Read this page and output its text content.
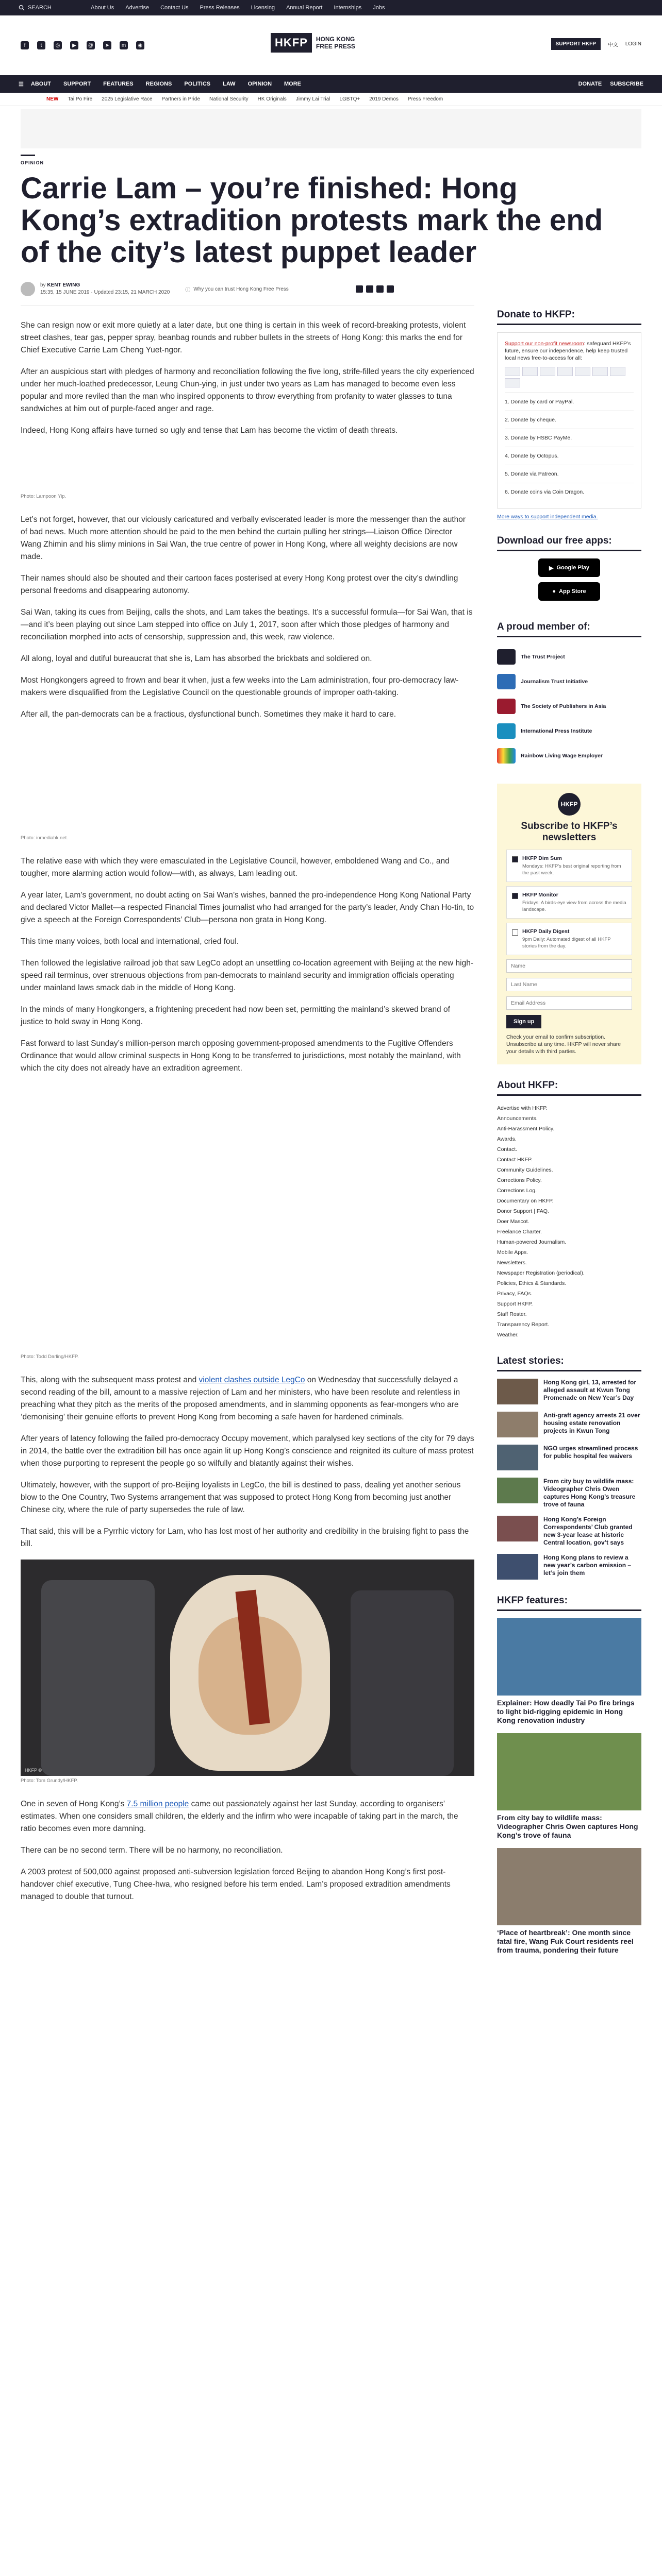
SEARCH	About Us Advertise Contact Us Press Releases Licensing Annual Report Internships Jobs
f	t	◎	▶	@	➤	m	◉	HKFP	HONG KONG
FREE PRESS	SUPPORT HKFP	中文 LOGIN
☰ ABOUT SUPPORT FEATURES REGIONS POLITICS LAW OPINION MORE	DONATE SUBSCRIBE
NEW Tai Po Fire 2025 Legislative Race Partners in Pride National Security HK Originals Jimmy Lai Trial LGBTQ+ 2019 Demos Press Freedom
OPINION
Carrie Lam – you’re finished: Hong Kong’s extradition protests mark the end of the city’s latest puppet leader
by KENT EWING
15:35, 15 JUNE 2019 · Updated 23:15, 21 MARCH 2020	ⓘ Why you can trust Hong Kong Free Press

She can resign now or exit more quietly at a later date, but one thing is certain in this week of record-breaking protests, violent street clashes, tear gas, pepper spray, beanbag rounds and rubber bullets in the streets of Hong Kong: this marks the end for Chief Executive Carrie Lam Cheng Yuet-ngor.

After an auspicious start with pledges of harmony and reconciliation following the five long, strife-filled years the city experienced under her much-loathed predecessor, Leung Chun-ying, in just under two years as Lam has managed to become even less popular and more reviled than the man who inspired opponents to throw everything from profanity to water glasses to tuna sandwiches at him out of purple-faced anger and rage.

Indeed, Hong Kong affairs have turned so ugly and tense that Lam has become the victim of death threats.

Photo: Lampoon Yip.

Let’s not forget, however, that our viciously caricatured and verbally eviscerated leader is more the messenger than the author of bad news. Much more attention should be paid to the men behind the curtain pulling her strings—Liaison Office Director Wang Zhimin and his slimy minions in Sai Wan, the true centre of power in Hong Kong, where all weighty decisions are now made.

Their names should also be shouted and their cartoon faces posterised at every Hong Kong protest over the city’s dwindling personal freedoms and disappearing autonomy.

Sai Wan, taking its cues from Beijing, calls the shots, and Lam takes the beatings. It’s a successful formula—for Sai Wan, that is—and it’s been playing out since Lam stepped into office on July 1, 2017, soon after which those pledges of harmony and reconciliation morphed into acts of censorship, suppression and, this week, raw violence.

All along, loyal and dutiful bureaucrat that she is, Lam has absorbed the brickbats and soldiered on.

Most Hongkongers agreed to frown and bear it when, just a few weeks into the Lam administration, four pro-democracy law-makers were disqualified from the Legislative Council on the questionable grounds of improper oath-taking.

After all, the pan-democrats can be a fractious, dysfunctional bunch. Sometimes they make it hard to care.

Photo: inmediahk.net.

The relative ease with which they were emasculated in the Legislative Council, however, emboldened Wang and Co., and tougher, more alarming action would follow—with, as always, Lam leading out.

A year later, Lam’s government, no doubt acting on Sai Wan’s wishes, banned the pro-independence Hong Kong National Party and declared Victor Mallet—a respected Financial Times journalist who had arranged for the party’s leader, Andy Chan Ho-tin, to give a speech at the Foreign Correspondents’ Club—persona non grata in Hong Kong.

This time many voices, both local and international, cried foul.

Then followed the legislative railroad job that saw LegCo adopt an unsettling co-location agreement with Beijing at the new high-speed rail terminus, over strenuous objections from pan-democrats to mainland security and immigration officials operating under mainland laws smack dab in the middle of Hong Kong.

In the minds of many Hongkongers, a frightening precedent had now been set, permitting the mainland’s skewed brand of justice to hold sway in Hong Kong.

Fast forward to last Sunday’s million-person march opposing government-proposed amendments to the Fugitive Offenders Ordinance that would allow criminal suspects in Hong Kong to be transferred to jurisdictions, most notably the mainland, with which the city does not already have an extradition agreement.

Photo: Todd Darling/HKFP.

This, along with the subsequent mass protest and violent clashes outside LegCo on Wednesday that successfully delayed a second reading of the bill, amount to a massive rejection of Lam and her ministers, who have been resolute and relentless in preaching what they pitch as the merits of the proposed amendments, and in slamming opponents as fear-mongers who are ‘demonising’ their genuine efforts to prevent Hong Kong from becoming a safe haven for hardened criminals.

After years of latency following the failed pro-democracy Occupy movement, which paralysed key sections of the city for 79 days in 2014, the battle over the extradition bill has once again lit up Hong Kong’s conscience and reignited its culture of mass protest when those purporting to represent the people go so wilfully and blatantly against their wishes.

Ultimately, however, with the support of pro-Beijing loyalists in LegCo, the bill is destined to pass, dealing yet another serious blow to the One Country, Two Systems arrangement that was supposed to protect Hong Kong from becoming just another Chinese city, where the rule of party supersedes the rule of law.

That said, this will be a Pyrrhic victory for Lam, who has lost most of her authority and credibility in the bruising fight to pass the bill.

HKFP ©
Photo: Tom Grundy/HKFP.

One in seven of Hong Kong’s 7.5 million people came out passionately against her last Sunday, according to organisers’ estimates. When one considers small children, the elderly and the infirm who were incapable of taking part in the march, the ratio becomes even more damning.

There can be no second term. There will be no harmony, no reconciliation.

A 2003 protest of 500,000 against proposed anti-subversion legislation forced Beijing to abandon Hong Kong’s first post-handover chief executive, Tung Chee-hwa, who resigned before his term ended. Lam’s proposed extradition amendments managed to double that turnout.

Donate to HKFP:
Support our non-profit newsroom: safeguard HKFP’s future, ensure our independence, help keep trusted local news free-to-access for all:
1. Donate by card or PayPal.
2. Donate by cheque.
3. Donate by HSBC PayMe.
4. Donate by Octopus.
5. Donate via Patreon.
6. Donate coins via Coin Dragon.
More ways to support independent media.
Download our free apps:
▶ Google Play
● App Store
A proud member of:
The Trust Project
Journalism Trust Initiative
The Society of Publishers in Asia
International Press Institute
Rainbow Living Wage Employer
HKFP
Subscribe to HKFP’s newsletters
HKFP Dim Sum
Mondays: HKFP’s best original reporting from the past week.
HKFP Monitor
Fridays: A birds-eye view from across the media landscape.
HKFP Daily Digest
9pm Daily: Automated digest of all HKFP stories from the day.
Name
Last Name
Email Address
Sign up
Check your email to confirm subscription. Unsubscribe at any time. HKFP will never share your details with third parties.
About HKFP:
Advertise with HKFP.
Announcements.
Anti-Harassment Policy.
Awards.
Contact.
Contact HKFP.
Community Guidelines.
Corrections Policy.
Corrections Log.
Documentary on HKFP.
Donor Support | FAQ.
Doer Mascot.
Freelance Charter.
Human-powered Journalism.
Mobile Apps.
Newsletters.
Newspaper Registration (periodical).
Policies, Ethics & Standards.
Privacy, FAQs.
Support HKFP.
Staff Roster.
Transparency Report.
Weather.
Latest stories:
Hong Kong girl, 13, arrested for alleged assault at Kwun Tong Promenade on New Year’s Day
Anti-graft agency arrests 21 over housing estate renovation projects in Kwun Tong
NGO urges streamlined process for public hospital fee waivers
From city buy to wildlife mass: Videographer Chris Owen captures Hong Kong’s treasure trove of fauna
Hong Kong’s Foreign Correspondents’ Club granted new 3-year lease at historic Central location, gov’t says
Hong Kong plans to review a new year’s carbon emission – let’s join them
HKFP features:
Explainer: How deadly Tai Po fire brings to light bid-rigging epidemic in Hong Kong renovation industry
From city bay to wildlife mass: Videographer Chris Owen captures Hong Kong’s trove of fauna
‘Place of heartbreak’: One month since fatal fire, Wang Fuk Court residents reel from trauma, pondering their future
